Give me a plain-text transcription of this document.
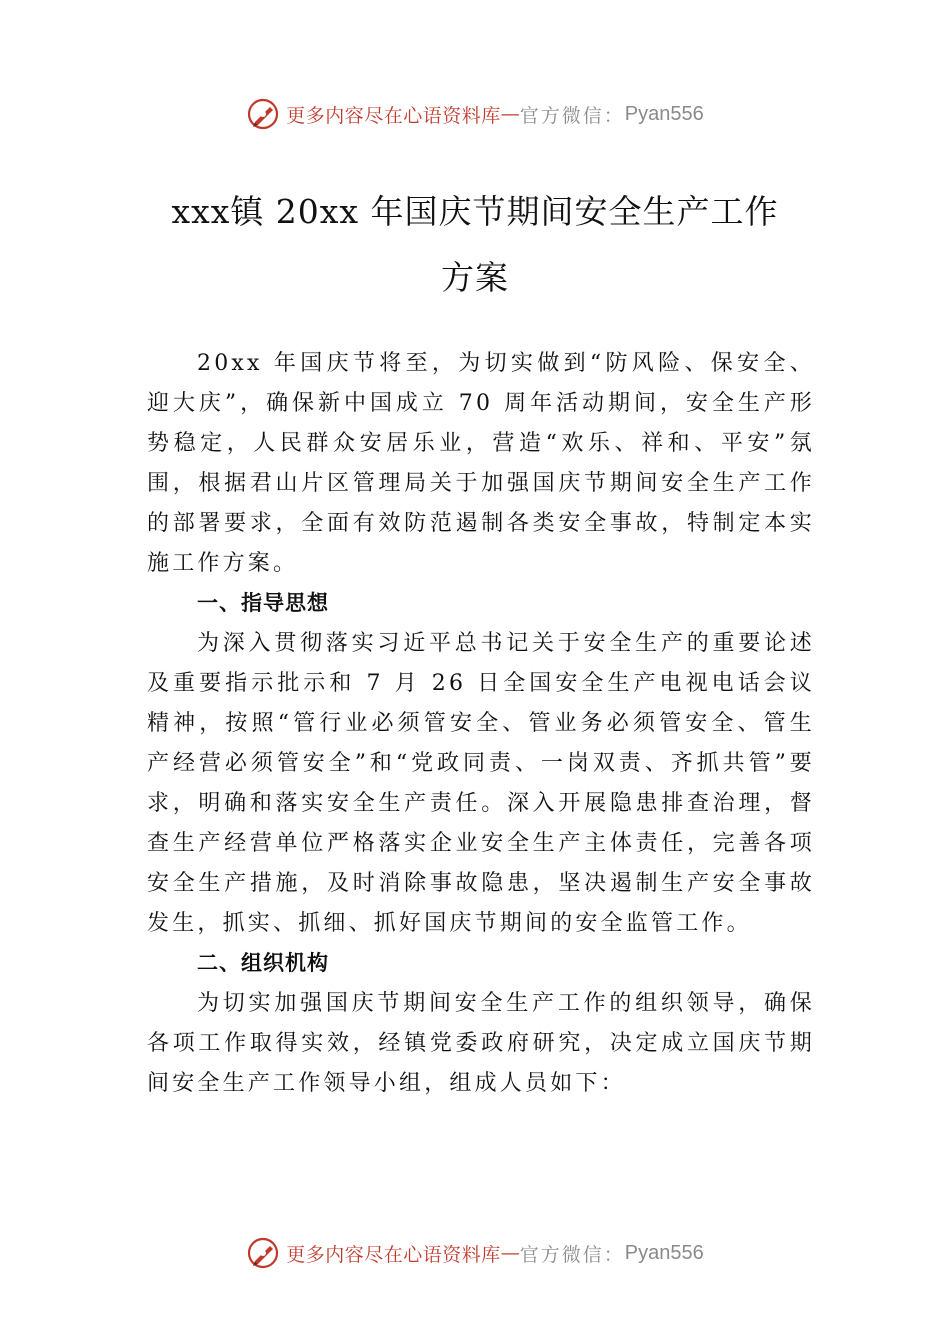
更多内容尽在心语资料库 — 官方微信： Pyan556
xxx镇 20xx 年国庆节期间安全生产工作
方案

20xx 年国庆节将至，为切实做到“防风险、保安全、迎大庆”，确保新中国成立 70 周年活动期间，安全生产形势稳定，人民群众安居乐业，营造“欢乐、祥和、平安”氛围，根据君山片区管理局关于加强国庆节期间安全生产工作的部署要求，全面有效防范遏制各类安全事故，特制定本实施工作方案。

一、指导思想

为深入贯彻落实习近平总书记关于安全生产的重要论述及重要指示批示和 7 月 26 日全国安全生产电视电话会议精神，按照“管行业必须管安全、管业务必须管安全、管生产经营必须管安全”和“党政同责、一岗双责、齐抓共管”要求，明确和落实安全生产责任。深入开展隐患排查治理，督查生产经营单位严格落实企业安全生产主体责任，完善各项安全生产措施，及时消除事故隐患，坚决遏制生产安全事故发生，抓实、抓细、抓好国庆节期间的安全监管工作。

二、组织机构

为切实加强国庆节期间安全生产工作的组织领导，确保各项工作取得实效，经镇党委政府研究，决定成立国庆节期间安全生产工作领导小组，组成人员如下：

更多内容尽在心语资料库 — 官方微信： Pyan556
